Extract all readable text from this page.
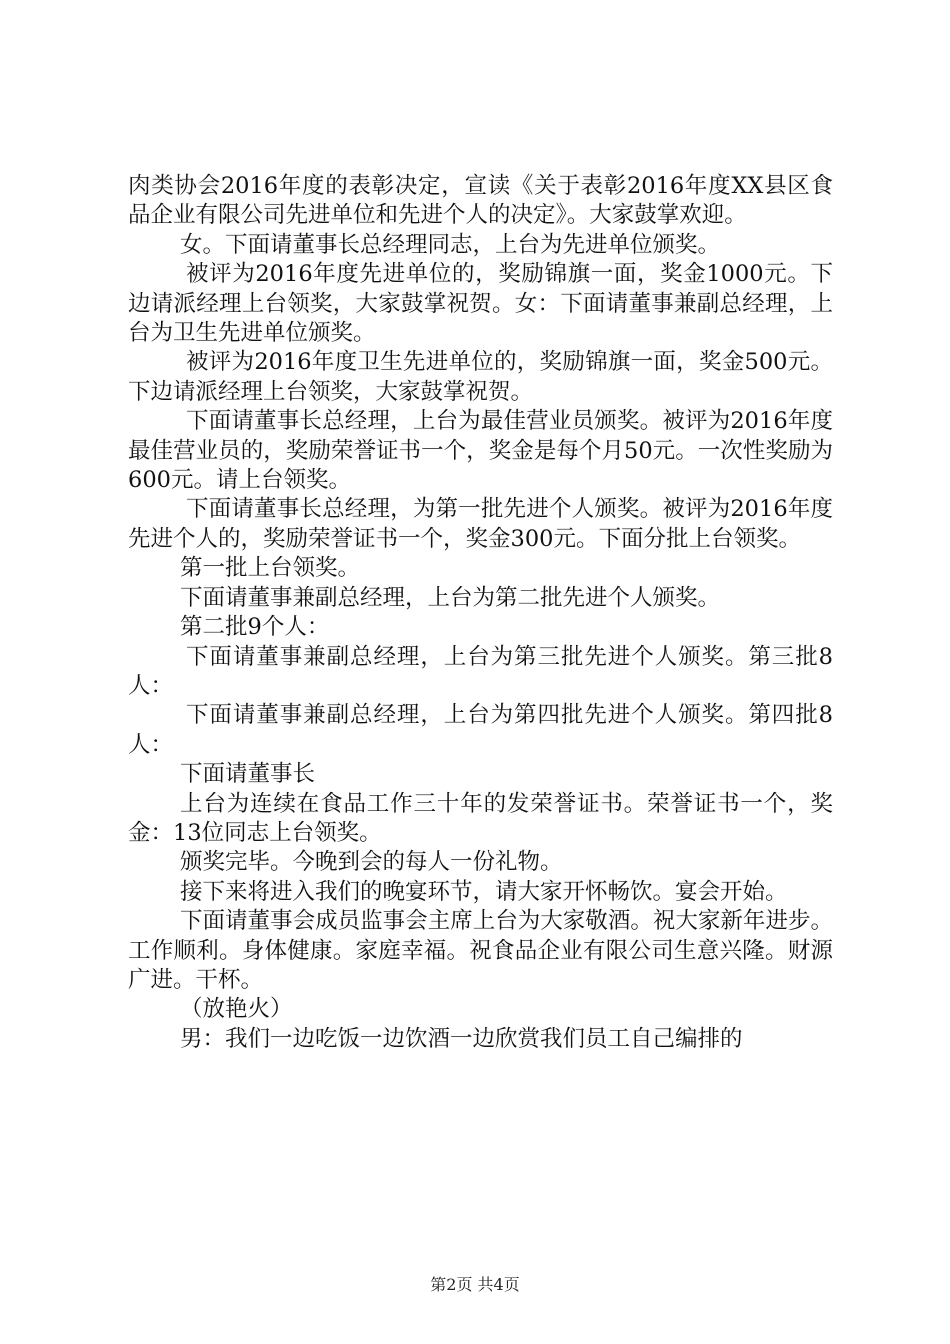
肉类协会2016年度的表彰决定，宣读《关于表彰2016年度XX县区食品企业有限公司先进单位和先进个人的决定》。大家鼓掌欢迎。

女。下面请董事长总经理同志，上台为先进单位颁奖。

被评为2016年度先进单位的，奖励锦旗一面，奖金1000元。下边请派经理上台领奖，大家鼓掌祝贺。女：下面请董事兼副总经理，上台为卫生先进单位颁奖。

被评为2016年度卫生先进单位的，奖励锦旗一面，奖金500元。下边请派经理上台领奖，大家鼓掌祝贺。

下面请董事长总经理，上台为最佳营业员颁奖。被评为2016年度最佳营业员的，奖励荣誉证书一个，奖金是每个月50元。一次性奖励为600元。请上台领奖。

下面请董事长总经理，为第一批先进个人颁奖。被评为2016年度先进个人的，奖励荣誉证书一个，奖金300元。下面分批上台领奖。

第一批上台领奖。

下面请董事兼副总经理，上台为第二批先进个人颁奖。

第二批9个人：

下面请董事兼副总经理，上台为第三批先进个人颁奖。第三批8人：

下面请董事兼副总经理，上台为第四批先进个人颁奖。第四批8人：

下面请董事长

上台为连续在食品工作三十年的发荣誉证书。荣誉证书一个，奖金：13位同志上台领奖。

颁奖完毕。今晚到会的每人一份礼物。

接下来将进入我们的晚宴环节，请大家开怀畅饮。宴会开始。

下面请董事会成员监事会主席上台为大家敬酒。祝大家新年进步。工作顺利。身体健康。家庭幸福。祝食品企业有限公司生意兴隆。财源广进。干杯。

（放艳火）

男：我们一边吃饭一边饮酒一边欣赏我们员工自己编排的

第2页 共4页
